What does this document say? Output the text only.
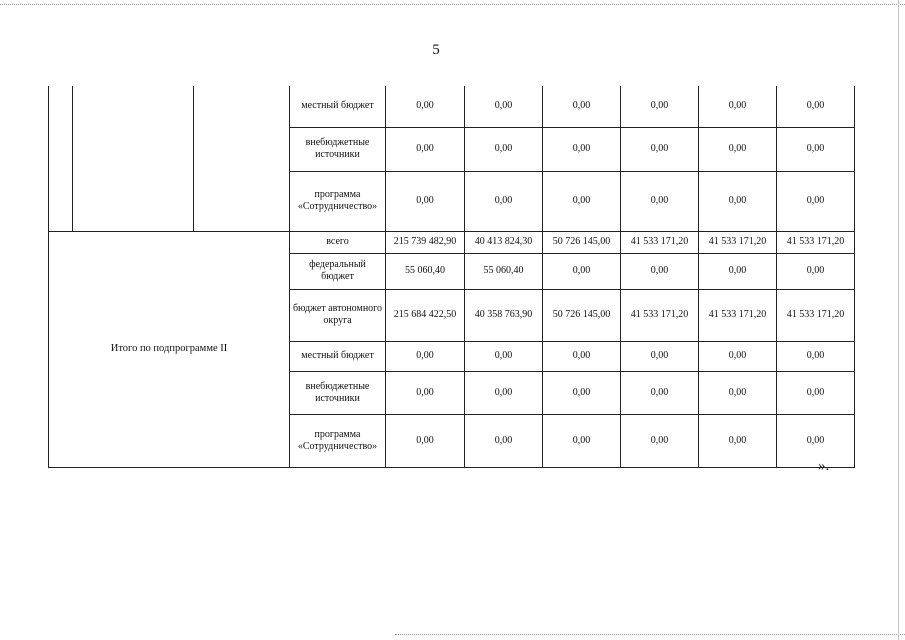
5
			местный бюджет	0,00	0,00	0,00	0,00	0,00	0,00
			внебюджетные источники	0,00	0,00	0,00	0,00	0,00	0,00
			программа «Сотрудничество»	0,00	0,00	0,00	0,00	0,00	0,00
Итого по подпрограмме II			всего	215 739 482,90	40 413 824,30	50 726 145,00	41 533 171,20	41 533 171,20	41 533 171,20
			федеральный бюджет	55 060,40	55 060,40	0,00	0,00	0,00	0,00
			бюджет автономного округа	215 684 422,50	40 358 763,90	50 726 145,00	41 533 171,20	41 533 171,20	41 533 171,20
			местный бюджет	0,00	0,00	0,00	0,00	0,00	0,00
			внебюджетные источники	0,00	0,00	0,00	0,00	0,00	0,00
			программа «Сотрудничество»	0,00	0,00	0,00	0,00	0,00	0,00
».
